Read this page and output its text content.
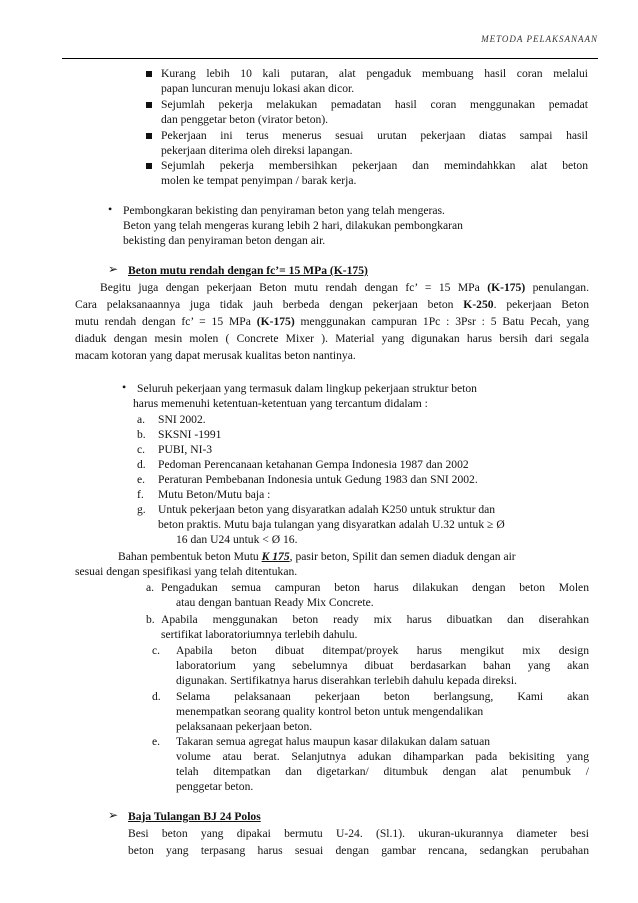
METODA PELAKSANAAN
Kurang lebih 10 kali putaran, alat pengaduk membuang hasil coran melalui
papan luncuran menuju lokasi akan dicor.
Sejumlah pekerja melakukan pemadatan hasil coran menggunakan pemadat
dan penggetar beton (virator beton).
Pekerjaan ini terus menerus sesuai urutan pekerjaan diatas sampai hasil
pekerjaan diterima oleh direksi lapangan.
Sejumlah pekerja membersihkan pekerjaan dan memindahkkan alat beton
molen ke tempat penyimpan / barak kerja.
• Pembongkaran bekisting dan penyiraman beton yang telah mengeras.
Beton yang telah mengeras kurang lebih 2 hari, dilakukan pembongkaran
bekisting dan penyiraman beton dengan air.
➢ Beton mutu rendah dengan fc’= 15 MPa (K-175)
Begitu juga dengan pekerjaan Beton mutu rendah dengan fc’ = 15 MPa (K-175) penulangan.
Cara pelaksanaannya juga tidak jauh berbeda dengan pekerjaan beton K-250. pekerjaan Beton
mutu rendah dengan fc’ = 15 MPa (K-175) menggunakan campuran 1Pc : 3Psr : 5 Batu Pecah, yang
diaduk dengan mesin molen ( Concrete Mixer ). Material yang digunakan harus bersih dari segala
macam kotoran yang dapat merusak kualitas beton nantinya.
• Seluruh pekerjaan yang termasuk dalam lingkup pekerjaan struktur beton
harus memenuhi ketentuan-ketentuan yang tercantum didalam :
a. SNI 2002.
b. SKSNI -1991
c. PUBI, NI-3
d. Pedoman Perencanaan ketahanan Gempa Indonesia 1987 dan 2002
e. Peraturan Pembebanan Indonesia untuk Gedung 1983 dan SNI 2002.
f. Mutu Beton/Mutu baja :
g. Untuk pekerjaan beton yang disyaratkan adalah K250 untuk struktur dan
beton praktis. Mutu baja tulangan yang disyaratkan adalah U.32 untuk ≥ Ø
16 dan U24 untuk < Ø 16.
Bahan pembentuk beton Mutu K 175, pasir beton, Spilit dan semen diaduk dengan air
sesuai dengan spesifikasi yang telah ditentukan.
a. Pengadukan semua campuran beton harus dilakukan dengan beton Molen
atau dengan bantuan Ready Mix Concrete.
b. Apabila menggunakan beton ready mix harus dibuatkan dan diserahkan
sertifikat laboratoriumnya terlebih dahulu.
c. Apabila beton dibuat ditempat/proyek harus mengikut mix design
laboratorium yang sebelumnya dibuat berdasarkan bahan yang akan
digunakan. Sertifikatnya harus diserahkan terlebih dahulu kepada direksi.
d. Selama pelaksanaan pekerjaan beton berlangsung, Kami akan
menempatkan seorang quality kontrol beton untuk mengendalikan
pelaksanaan pekerjaan beton.
e. Takaran semua agregat halus maupun kasar dilakukan dalam satuan
volume atau berat. Selanjutnya adukan dihamparkan pada bekisiting yang
telah ditempatkan dan digetarkan/ ditumbuk dengan alat penumbuk /
penggetar beton.
➢ Baja Tulangan BJ 24 Polos
Besi beton yang dipakai bermutu U-24. (Sl.1). ukuran-ukurannya diameter besi
beton yang terpasang harus sesuai dengan gambar rencana, sedangkan perubahan
